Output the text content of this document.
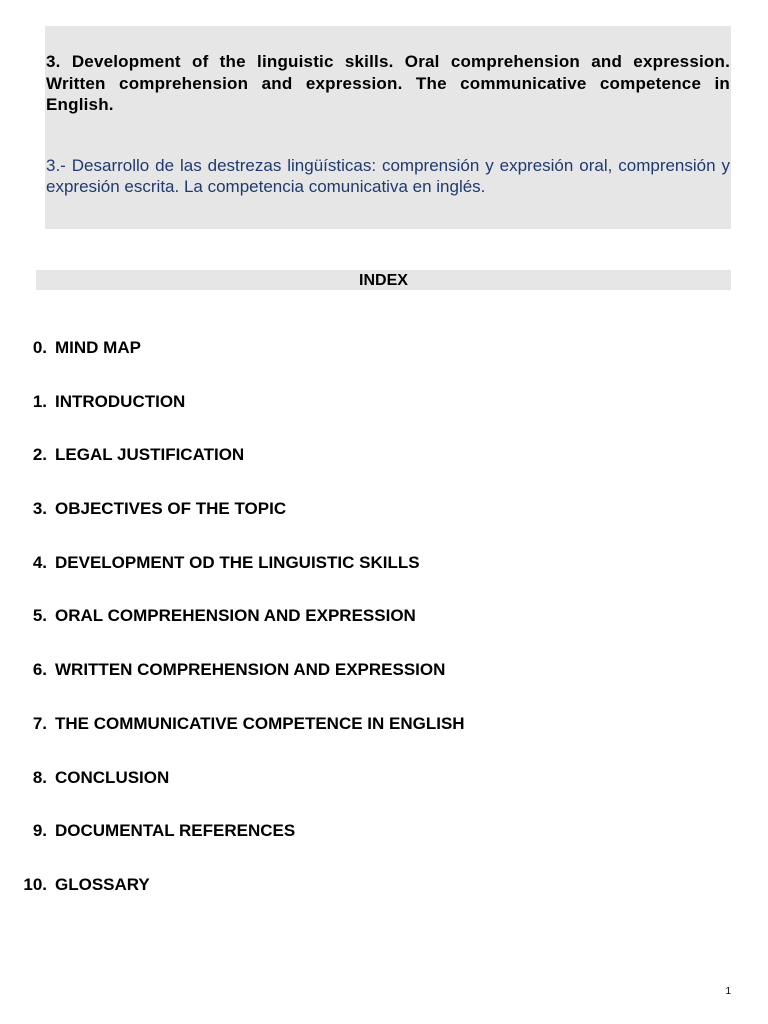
3. Development of the linguistic skills. Oral comprehension and expression. Written comprehension and expression. The communicative competence in English.

3.- Desarrollo de las destrezas lingüísticas: comprensión y expresión oral, comprensión y expresión escrita. La competencia comunicativa en inglés.

INDEX
0. MIND MAP
1. INTRODUCTION
2. LEGAL JUSTIFICATION
3. OBJECTIVES OF THE TOPIC
4. DEVELOPMENT OD THE LINGUISTIC SKILLS
5. ORAL COMPREHENSION AND EXPRESSION
6. WRITTEN COMPREHENSION AND EXPRESSION
7. THE COMMUNICATIVE COMPETENCE IN ENGLISH
8. CONCLUSION
9. DOCUMENTAL REFERENCES
10. GLOSSARY
1
